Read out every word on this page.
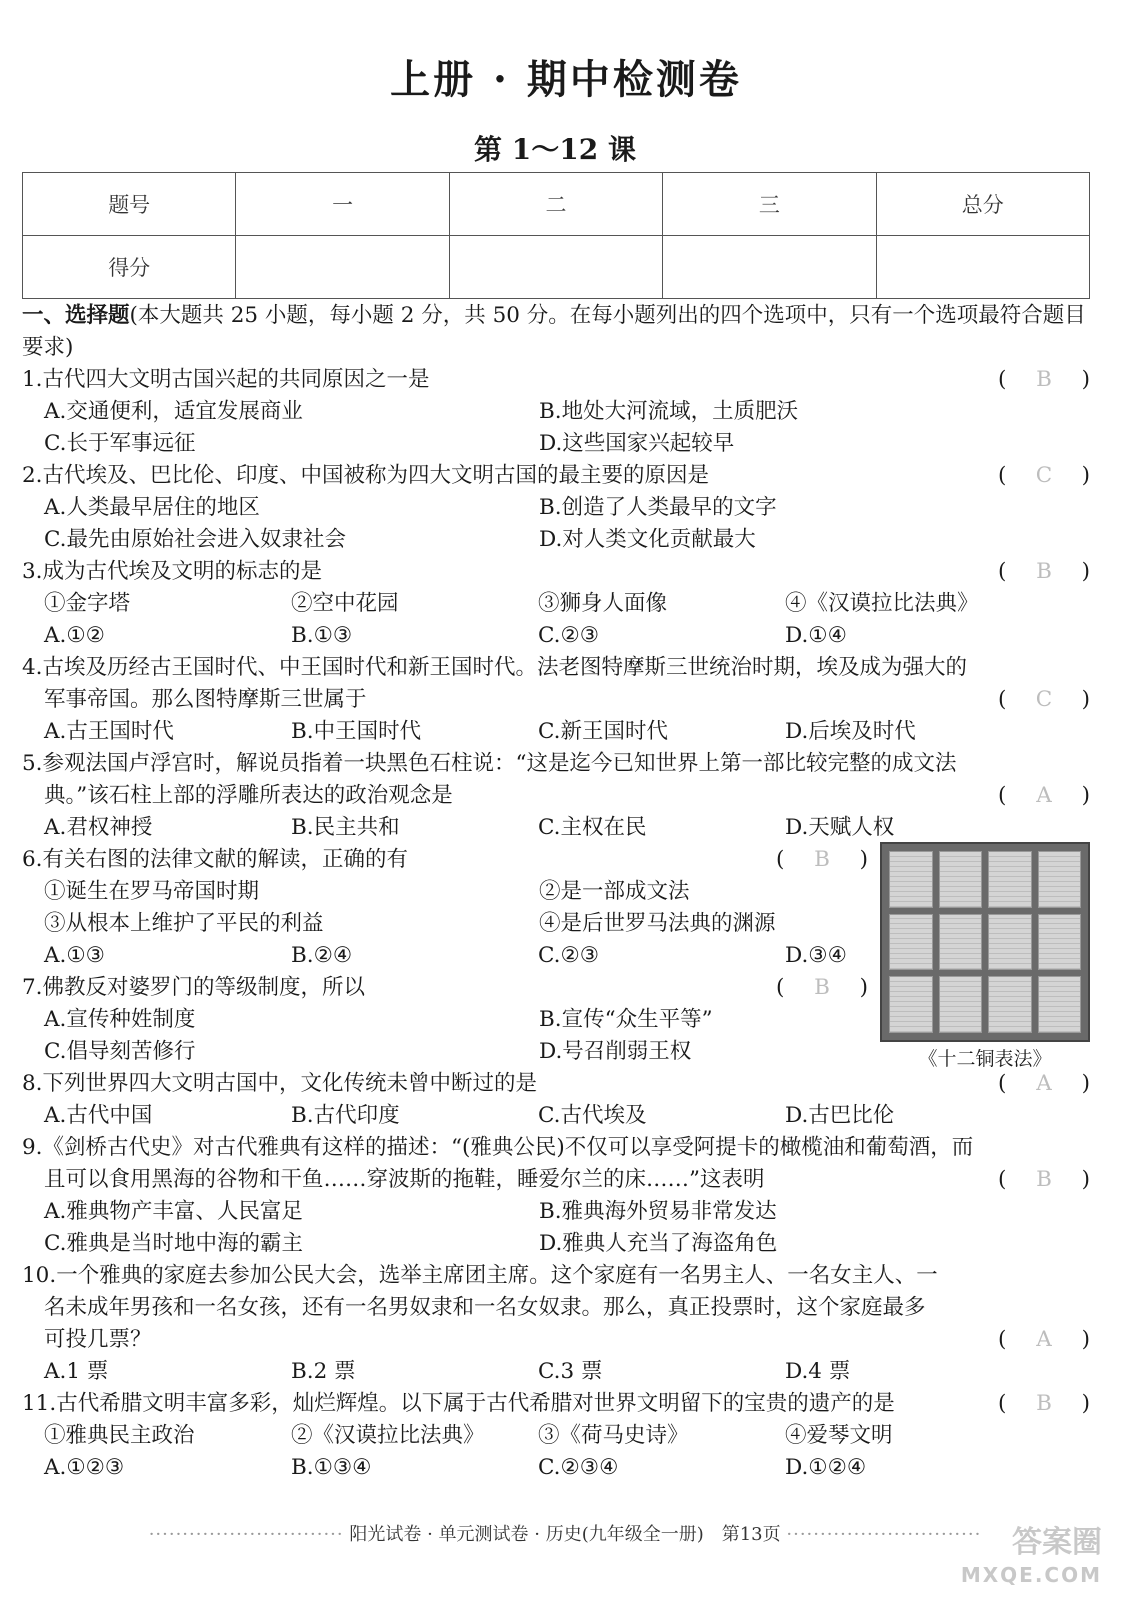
上册 · 期中检测卷
第 1～12 课
题号	一	二	三	总分
得分				
一、选择题(本大题共 25 小题，每小题 2 分，共 50 分。在每小题列出的四个选项中，只有一个选项最符合题目要求)
1.古代四大文明古国兴起的共同原因之一是	( B )
A.交通便利，适宜发展商业	B.地处大河流域，土质肥沃
C.长于军事远征	D.这些国家兴起较早
2.古代埃及、巴比伦、印度、中国被称为四大文明古国的最主要的原因是	( C )
A.人类最早居住的地区	B.创造了人类最早的文字
C.最先由原始社会进入奴隶社会	D.对人类文化贡献最大
3.成为古代埃及文明的标志的是	( B )
①金字塔	②空中花园	③狮身人面像	④《汉谟拉比法典》
A.①②	B.①③	C.②③	D.①④
4.古埃及历经古王国时代、中王国时代和新王国时代。法老图特摩斯三世统治时期，埃及成为强大的
军事帝国。那么图特摩斯三世属于	( C )
A.古王国时代	B.中王国时代	C.新王国时代	D.后埃及时代
5.参观法国卢浮宫时，解说员指着一块黑色石柱说：“这是迄今已知世界上第一部比较完整的成文法
典。”该石柱上部的浮雕所表达的政治观念是	( A )
A.君权神授	B.民主共和	C.主权在民	D.天赋人权
6.有关右图的法律文献的解读，正确的有	( B )
①诞生在罗马帝国时期	②是一部成文法
③从根本上维护了平民的利益	④是后世罗马法典的渊源
A.①③	B.②④	C.②③	D.③④
7.佛教反对婆罗门的等级制度，所以	( B )
A.宣传种姓制度	B.宣传“众生平等”
C.倡导刻苦修行	D.号召削弱王权
8.下列世界四大文明古国中，文化传统未曾中断过的是	( A )
A.古代中国	B.古代印度	C.古代埃及	D.古巴比伦
9.《剑桥古代史》对古代雅典有这样的描述：“(雅典公民)不仅可以享受阿提卡的橄榄油和葡萄酒，而
且可以食用黑海的谷物和干鱼……穿波斯的拖鞋，睡爱尔兰的床……”这表明	( B )
A.雅典物产丰富、人民富足	B.雅典海外贸易非常发达
C.雅典是当时地中海的霸主	D.雅典人充当了海盗角色
10.一个雅典的家庭去参加公民大会，选举主席团主席。这个家庭有一名男主人、一名女主人、一
名未成年男孩和一名女孩，还有一名男奴隶和一名女奴隶。那么，真正投票时，这个家庭最多
可投几票？	( A )
A.1 票	B.2 票	C.3 票	D.4 票
11.古代希腊文明丰富多彩，灿烂辉煌。以下属于古代希腊对世界文明留下的宝贵的遗产的是	( B )
①雅典民主政治	②《汉谟拉比法典》	③《荷马史诗》	④爱琴文明
A.①②③	B.①③④	C.②③④	D.①②④
《十二铜表法》
····························· 阳光试卷 · 单元测试卷 · 历史(九年级全一册)　第13页 ·····························	答案圈
MXQE.COM
